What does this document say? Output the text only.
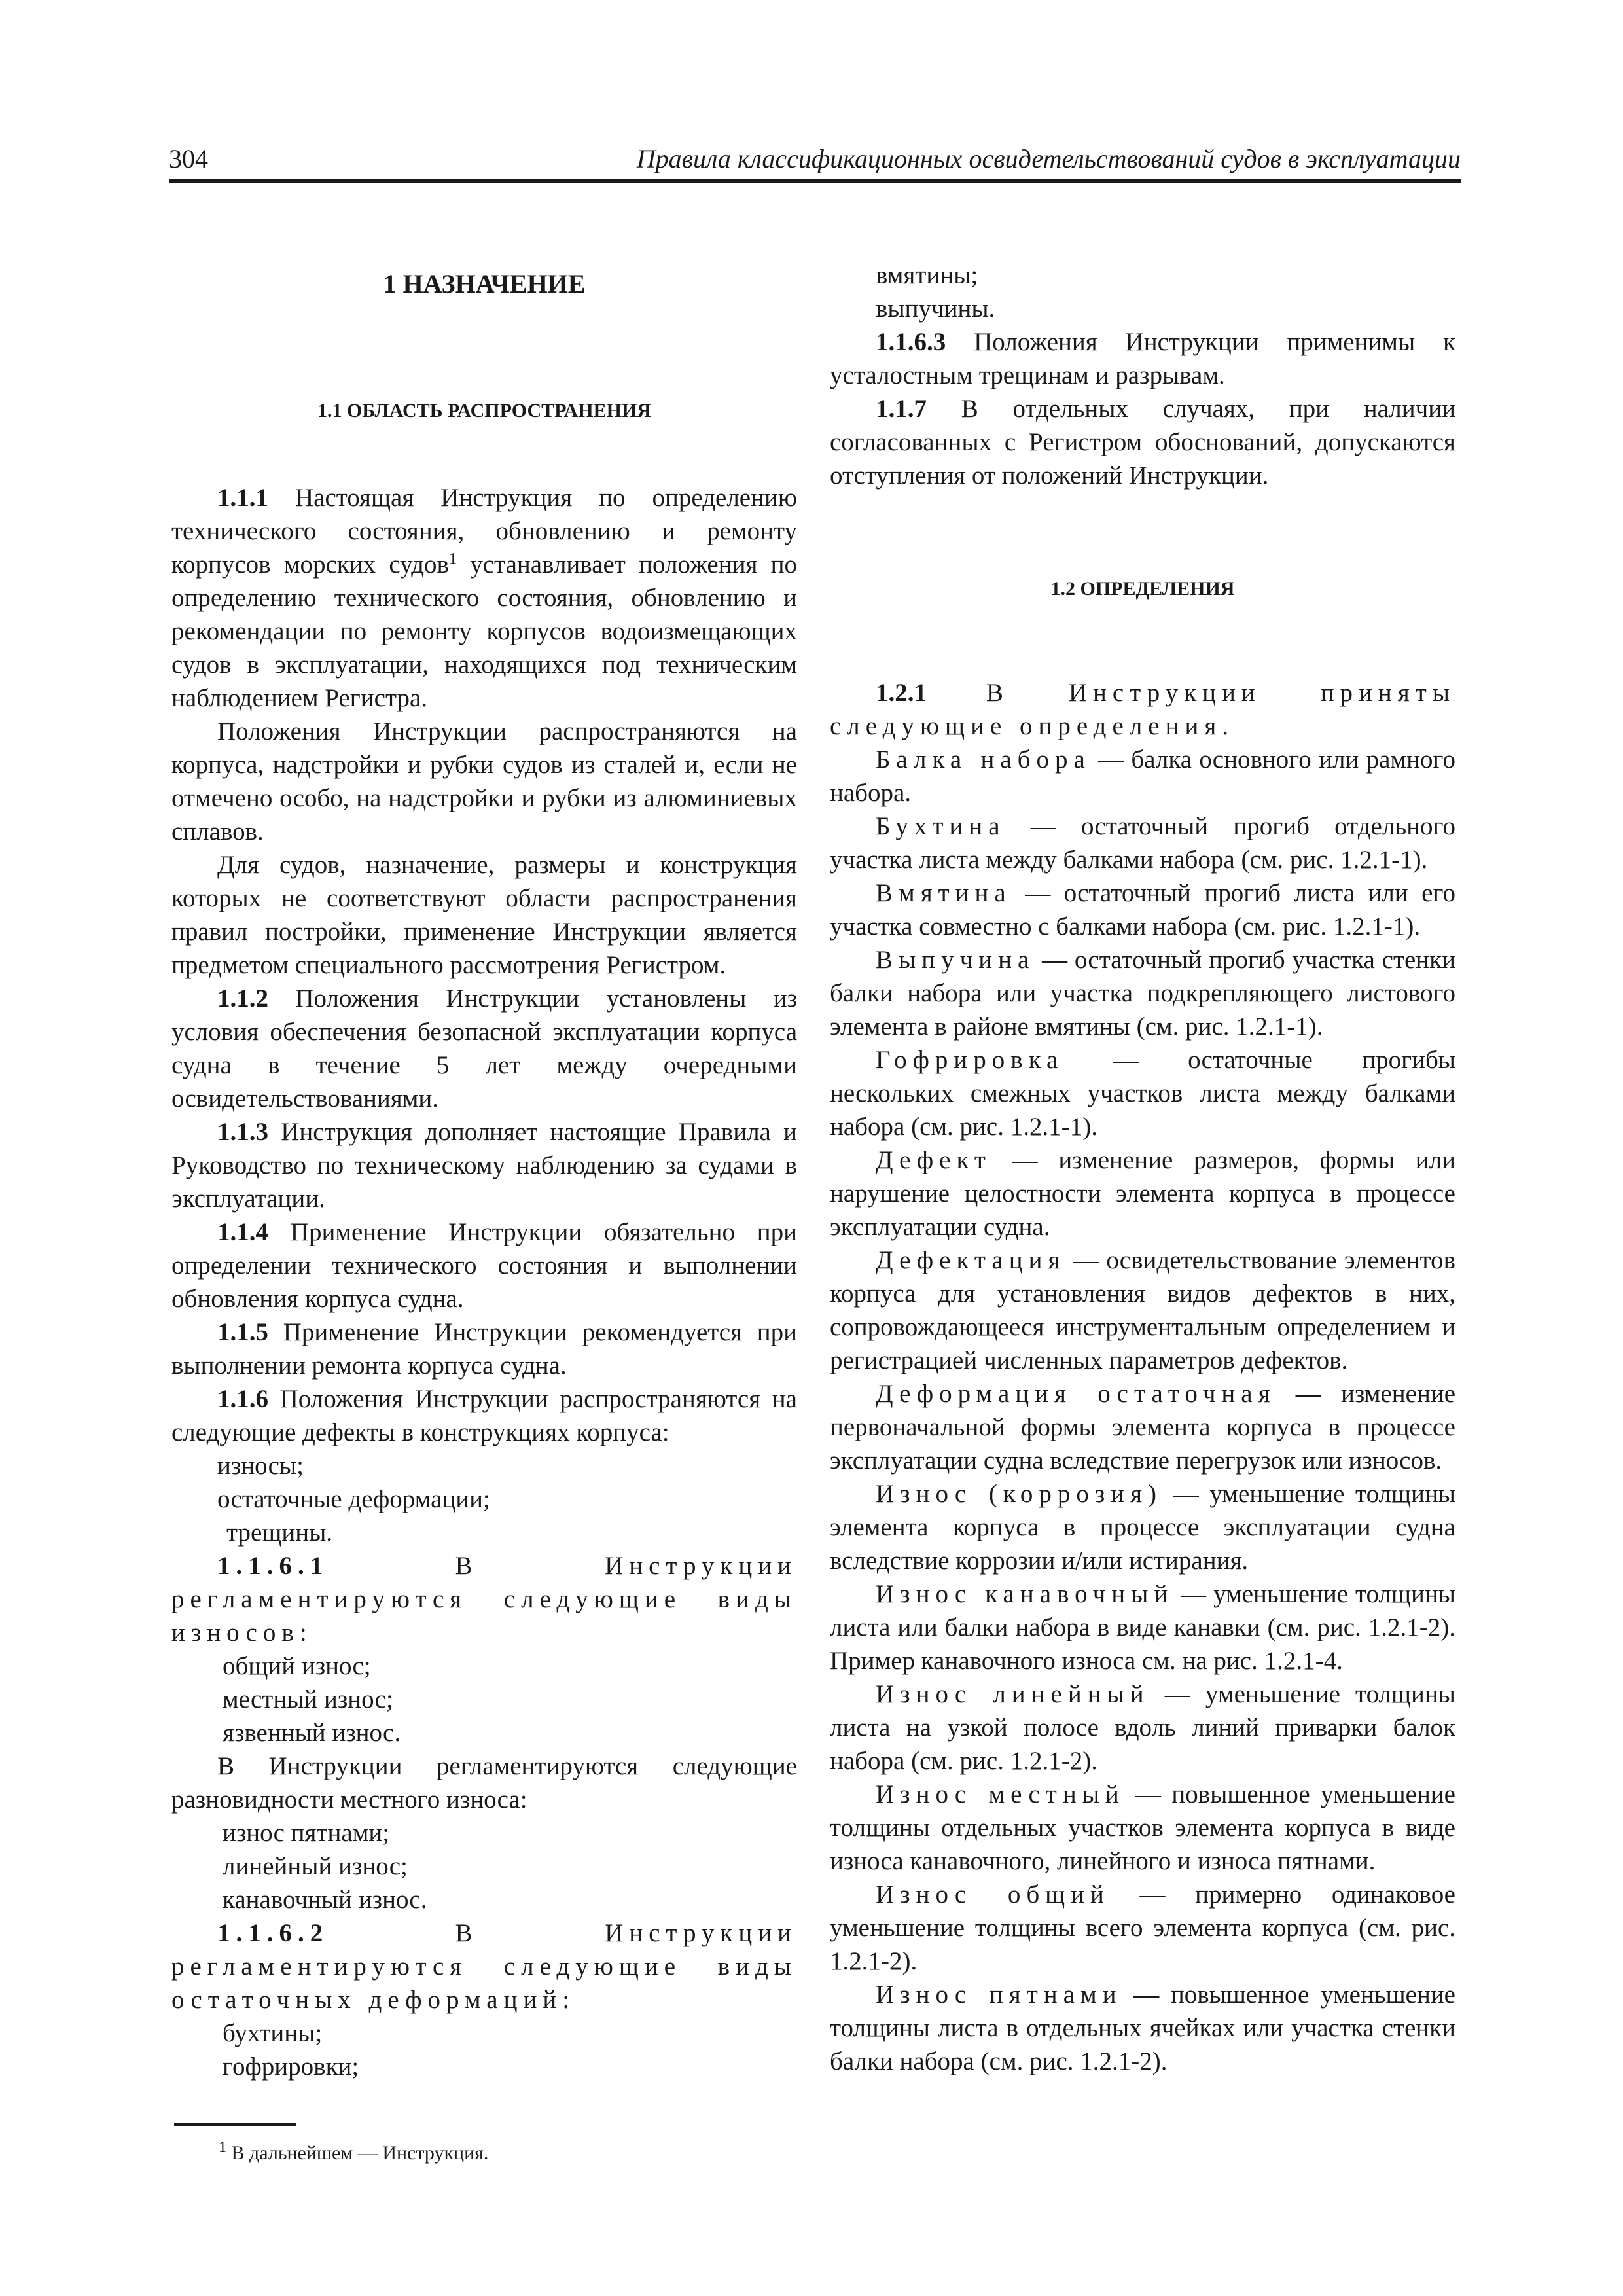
304	Правила классификационных освидетельствований судов в эксплуатации
1 НАЗНАЧЕНИЕ
1.1 ОБЛАСТЬ РАСПРОСТРАНЕНИЯ

1.1.1 Настоящая Инструкция по определению технического состояния, обновлению и ремонту корпусов морских судов$^1$ устанавливает положения по определению технического состояния, обновлению и рекомендации по ремонту корпусов водоизмещающих судов в эксплуатации, находящихся под техническим наблюдением Регистра.

Положения Инструкции распространяются на корпуса, надстройки и рубки судов из сталей и, если не отмечено особо, на надстройки и рубки из алюминиевых сплавов.

Для судов, назначение, размеры и конструкция которых не соответствуют области распространения правил постройки, применение Инструкции является предметом специального рассмотрения Регистром.

1.1.2 Положения Инструкции установлены из условия обеспечения безопасной эксплуатации корпуса судна в течение 5 лет между очередными освидетельствованиями.

1.1.3 Инструкция дополняет настоящие Правила и Руководство по техническому наблюдению за судами в эксплуатации.

1.1.4 Применение Инструкции обязательно при определении технического состояния и выполнении обновления корпуса судна.

1.1.5 Применение Инструкции рекомендуется при выполнении ремонта корпуса судна.

1.1.6 Положения Инструкции распространяются на следующие дефекты в конструкциях корпуса:

износы;

остаточные деформации;

трещины.

1.1.6.1 В Инструкции регламентируются следующие виды износов:

общий износ;

местный износ;

язвенный износ.

В Инструкции регламентируются следующие разновидности местного износа:

износ пятнами;

линейный износ;

канавочный износ.

1.1.6.2 В Инструкции регламентируются следующие виды остаточных деформаций:

бухтины;

гофрировки;

$^1$ В дальнейшем — Инструкция.

вмятины;

выпучины.

1.1.6.3 Положения Инструкции применимы к усталостным трещинам и разрывам.

1.1.7 В отдельных случаях, при наличии согласованных с Регистром обоснований, допускаются отступления от положений Инструкции.

1.2 ОПРЕДЕЛЕНИЯ

1.2.1 В Инструкции приняты следующие определения.

Балка набора — балка основного или рамного набора.

Бухтина — остаточный прогиб отдельного участка листа между балками набора (см. рис. 1.2.1-1).

Вмятина — остаточный прогиб листа или его участка совместно с балками набора (см. рис. 1.2.1-1).

Выпучина — остаточный прогиб участка стенки балки набора или участка подкрепляющего листового элемента в районе вмятины (см. рис. 1.2.1-1).

Гофрировка — остаточные прогибы нескольких смежных участков листа между балками набора (см. рис. 1.2.1-1).

Дефект — изменение размеров, формы или нарушение целостности элемента корпуса в процессе эксплуатации судна.

Дефектация — освидетельствование элементов корпуса для установления видов дефектов в них, сопровождающееся инструментальным определением и регистрацией численных параметров дефектов.

Деформация остаточная — изменение первоначальной формы элемента корпуса в процессе эксплуатации судна вследствие перегрузок или износов.

Износ (коррозия) — уменьшение толщины элемента корпуса в процессе эксплуатации судна вследствие коррозии и/или истирания.

Износ канавочный — уменьшение толщины листа или балки набора в виде канавки (см. рис. 1.2.1-2). Пример канавочного износа см. на рис. 1.2.1-4.

Износ линейный — уменьшение толщины листа на узкой полосе вдоль линий приварки балок набора (см. рис. 1.2.1-2).

Износ местный — повышенное уменьшение толщины отдельных участков элемента корпуса в виде износа канавочного, линейного и износа пятнами.

Износ общий — примерно одинаковое уменьшение толщины всего элемента корпуса (см. рис. 1.2.1-2).

Износ пятнами — повышенное уменьшение толщины листа в отдельных ячейках или участка стенки балки набора (см. рис. 1.2.1-2).
